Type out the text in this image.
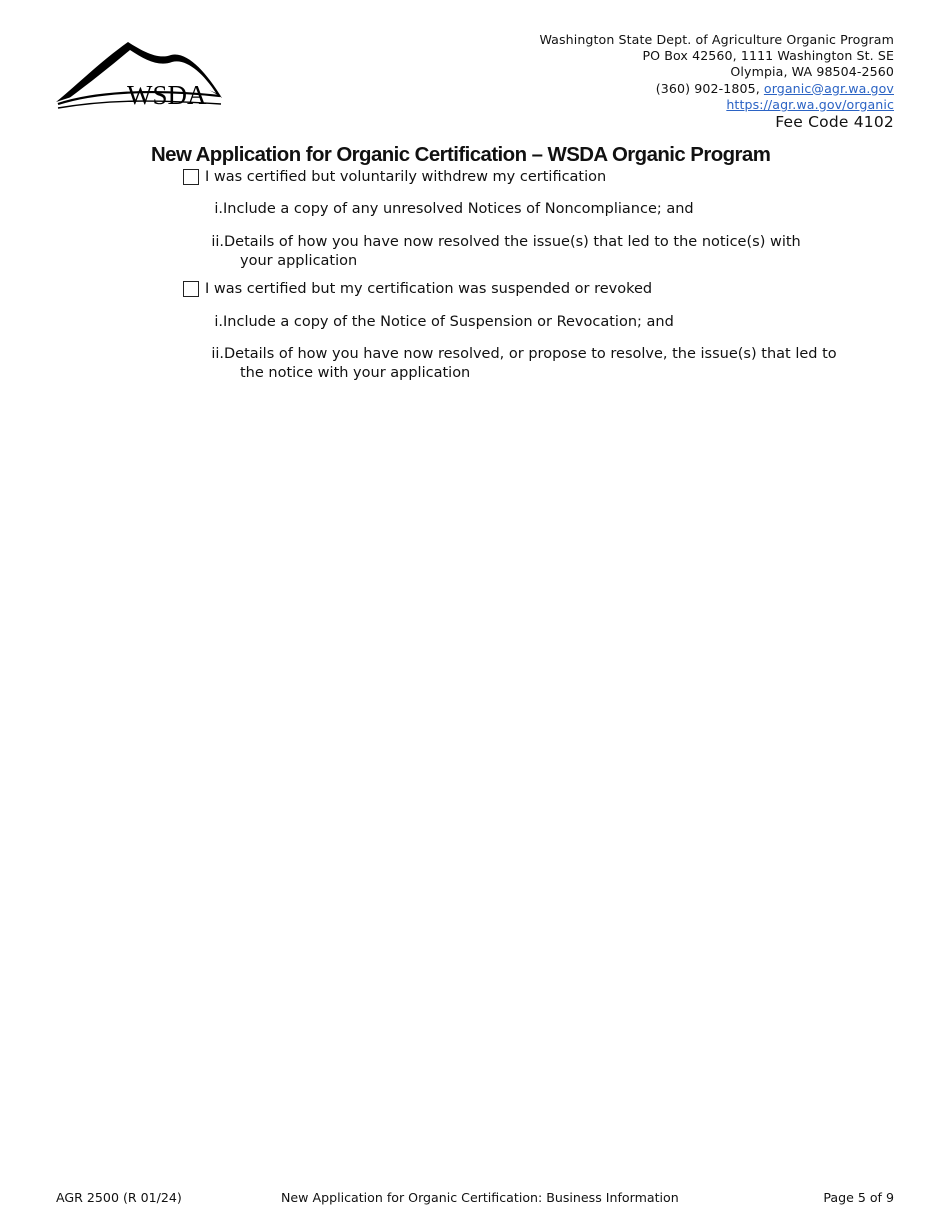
WSDA
Washington State Dept. of Agriculture Organic Program
PO Box 42560, 1111 Washington St. SE
Olympia, WA 98504-2560
(360) 902-1805, organic@agr.wa.gov
https://agr.wa.gov/organic
Fee Code 4102
New Application for Organic Certification – WSDA Organic Program
I was certified but voluntarily withdrew my certification
i. Include a copy of any unresolved Notices of Noncompliance; and
ii. Details of how you have now resolved the issue(s) that led to the notice(s) with your application
I was certified but my certification was suspended or revoked
i. Include a copy of the Notice of Suspension or Revocation; and
ii. Details of how you have now resolved, or propose to resolve, the issue(s) that led to the notice with your application
AGR 2500 (R 01/24)	New Application for Organic Certification: Business Information	Page 5 of 9
